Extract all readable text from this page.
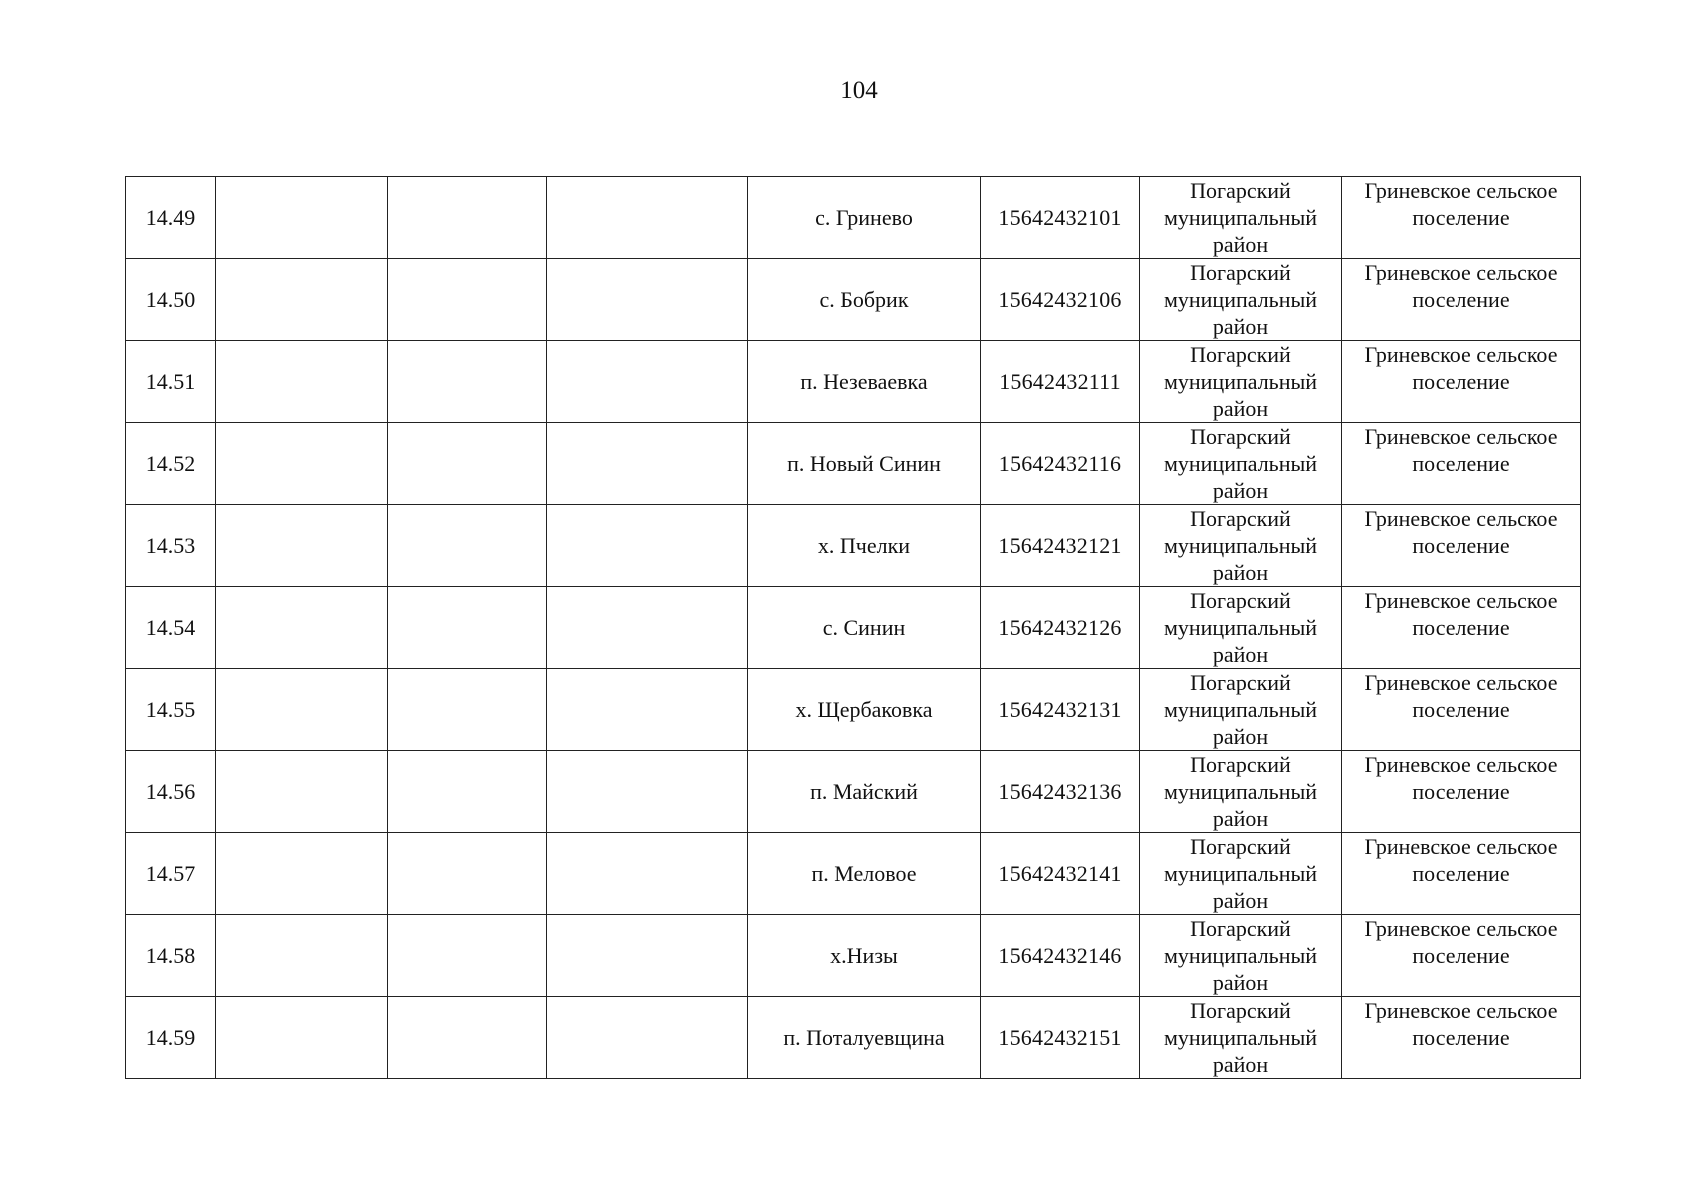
104
14.49				с. Гринево	15642432101	Погарский муниципальный район	Гриневское сельское поселение
14.50				с. Бобрик	15642432106	Погарский муниципальный район	Гриневское сельское поселение
14.51				п. Незеваевка	15642432111	Погарский муниципальный район	Гриневское сельское поселение
14.52				п. Новый Синин	15642432116	Погарский муниципальный район	Гриневское сельское поселение
14.53				х. Пчелки	15642432121	Погарский муниципальный район	Гриневское сельское поселение
14.54				с. Синин	15642432126	Погарский муниципальный район	Гриневское сельское поселение
14.55				х. Щербаковка	15642432131	Погарский муниципальный район	Гриневское сельское поселение
14.56				п. Майский	15642432136	Погарский муниципальный район	Гриневское сельское поселение
14.57				п. Меловое	15642432141	Погарский муниципальный район	Гриневское сельское поселение
14.58				х.Низы	15642432146	Погарский муниципальный район	Гриневское сельское поселение
14.59				п. Поталуевщина	15642432151	Погарский муниципальный район	Гриневское сельское поселение
